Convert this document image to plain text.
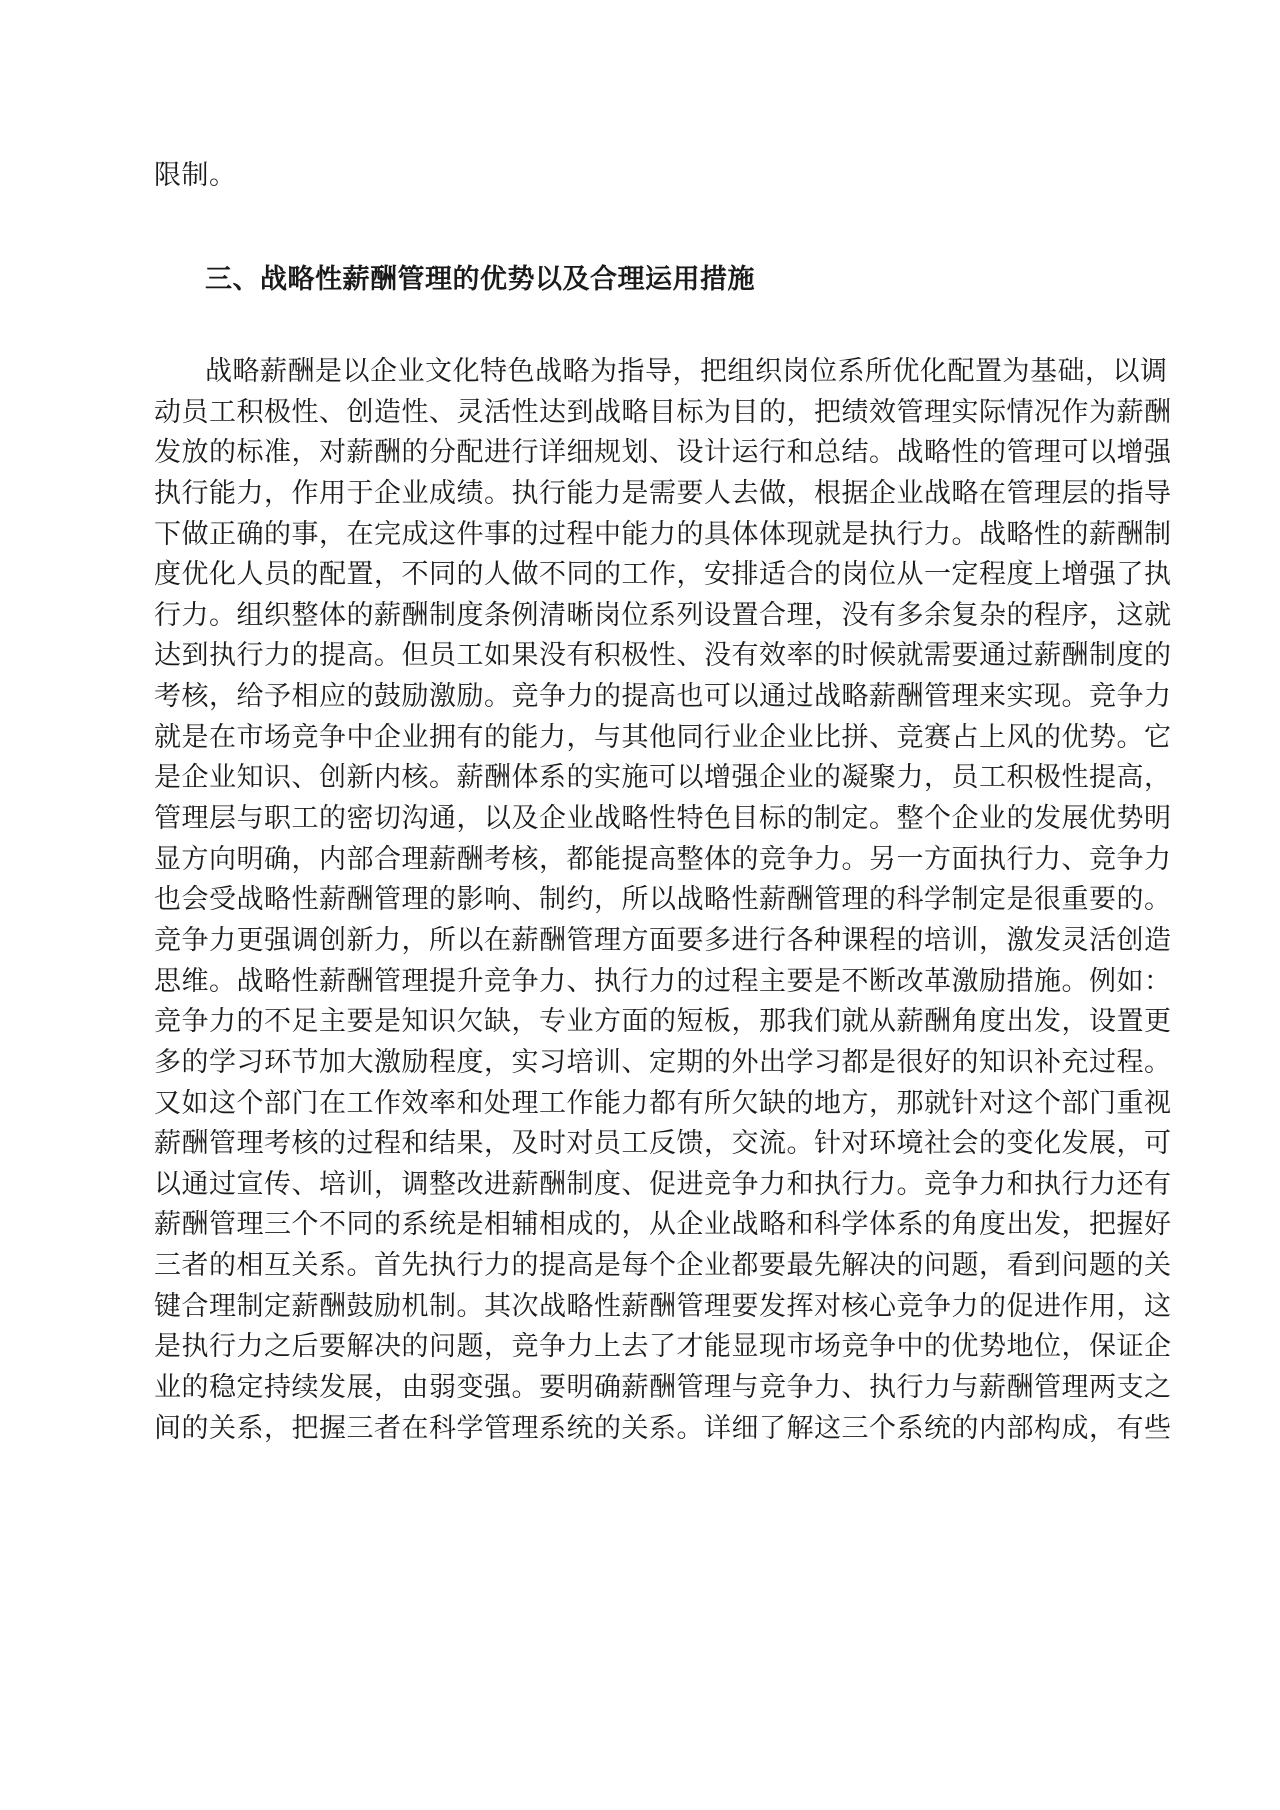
限制。
三、战略性薪酬管理的优势以及合理运用措施
战略薪酬是以企业文化特色战略为指导，把组织岗位系所优化配置为基础，以调
动员工积极性、创造性、灵活性达到战略目标为目的，把绩效管理实际情况作为薪酬
发放的标准，对薪酬的分配进行详细规划、设计运行和总结。战略性的管理可以增强
执行能力，作用于企业成绩。执行能力是需要人去做，根据企业战略在管理层的指导
下做正确的事，在完成这件事的过程中能力的具体体现就是执行力。战略性的薪酬制
度优化人员的配置，不同的人做不同的工作，安排适合的岗位从一定程度上增强了执
行力。组织整体的薪酬制度条例清晰岗位系列设置合理，没有多余复杂的程序，这就
达到执行力的提高。但员工如果没有积极性、没有效率的时候就需要通过薪酬制度的
考核，给予相应的鼓励激励。竞争力的提高也可以通过战略薪酬管理来实现。竞争力
就是在市场竞争中企业拥有的能力，与其他同行业企业比拼、竞赛占上风的优势。它
是企业知识、创新内核。薪酬体系的实施可以增强企业的凝聚力，员工积极性提高，
管理层与职工的密切沟通，以及企业战略性特色目标的制定。整个企业的发展优势明
显方向明确，内部合理薪酬考核，都能提高整体的竞争力。另一方面执行力、竞争力
也会受战略性薪酬管理的影响、制约，所以战略性薪酬管理的科学制定是很重要的。
竞争力更强调创新力，所以在薪酬管理方面要多进行各种课程的培训，激发灵活创造
思维。战略性薪酬管理提升竞争力、执行力的过程主要是不断改革激励措施。例如：
竞争力的不足主要是知识欠缺，专业方面的短板，那我们就从薪酬角度出发，设置更
多的学习环节加大激励程度，实习培训、定期的外出学习都是很好的知识补充过程。
又如这个部门在工作效率和处理工作能力都有所欠缺的地方，那就针对这个部门重视
薪酬管理考核的过程和结果，及时对员工反馈，交流。针对环境社会的变化发展，可
以通过宣传、培训，调整改进薪酬制度、促进竞争力和执行力。竞争力和执行力还有
薪酬管理三个不同的系统是相辅相成的，从企业战略和科学体系的角度出发，把握好
三者的相互关系。首先执行力的提高是每个企业都要最先解决的问题，看到问题的关
键合理制定薪酬鼓励机制。其次战略性薪酬管理要发挥对核心竞争力的促进作用，这
是执行力之后要解决的问题，竞争力上去了才能显现市场竞争中的优势地位，保证企
业的稳定持续发展，由弱变强。要明确薪酬管理与竞争力、执行力与薪酬管理两支之
间的关系，把握三者在科学管理系统的关系。详细了解这三个系统的内部构成，有些
